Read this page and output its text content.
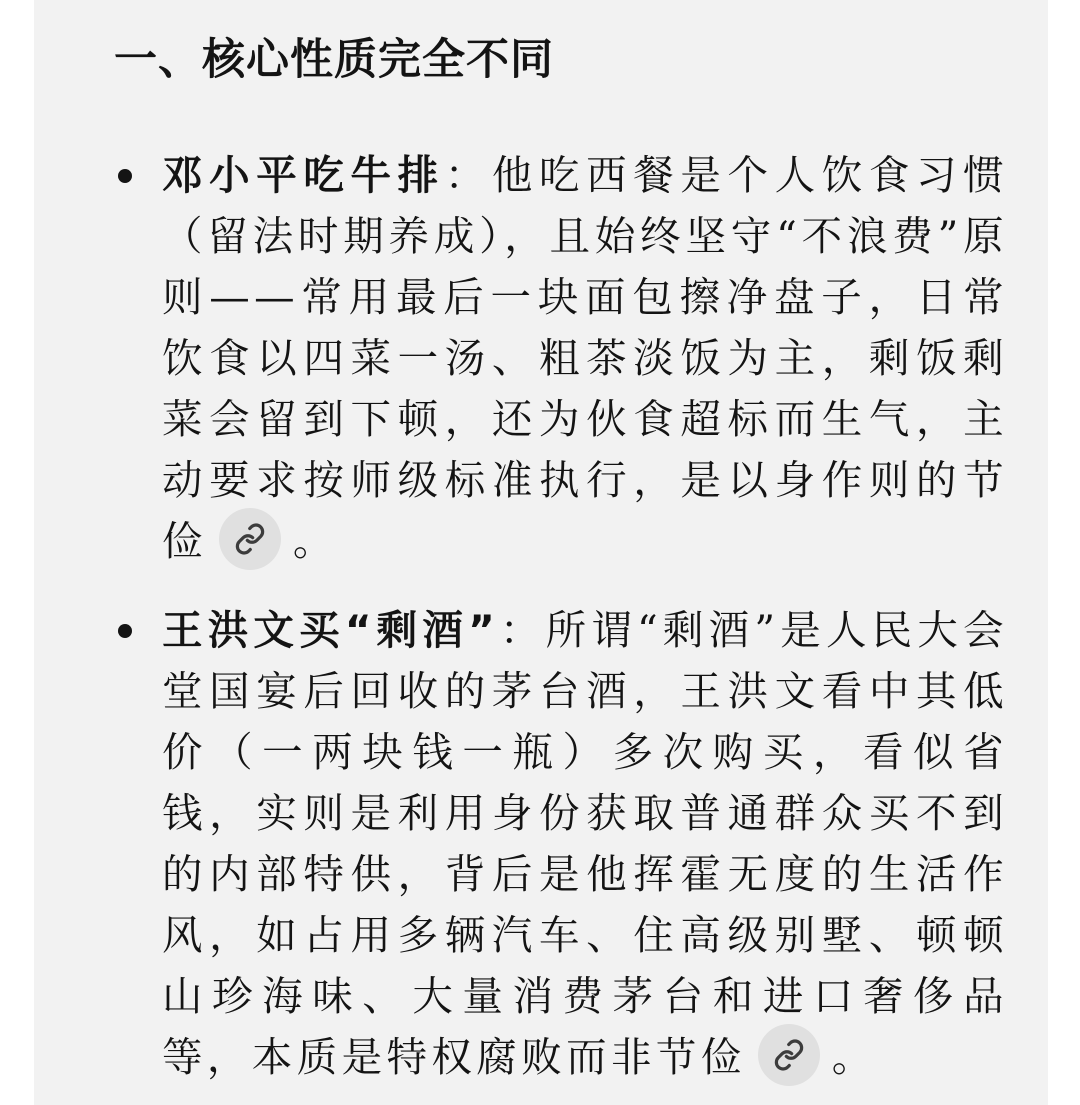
一、核心性质完全不同
邓小平吃牛排：他吃西餐是个人饮食习惯（留法时期养成），且始终坚守“不浪费”原则——常用最后一块面包擦净盘子，日常饮食以四菜一汤、粗茶淡饭为主，剩饭剩菜会留到下顿，还为伙食超标而生气，主动要求按师级标准执行，是以身作则的节俭 。
王洪文买“剩酒”：所谓“剩酒”是人民大会堂国宴后回收的茅台酒，王洪文看中其低价（一两块钱一瓶）多次购买，看似省钱，实则是利用身份获取普通群众买不到的内部特供，背后是他挥霍无度的生活作风，如占用多辆汽车、住高级别墅、顿顿山珍海味、大量消费茅台和进口奢侈品等，本质是特权腐败而非节俭 。
